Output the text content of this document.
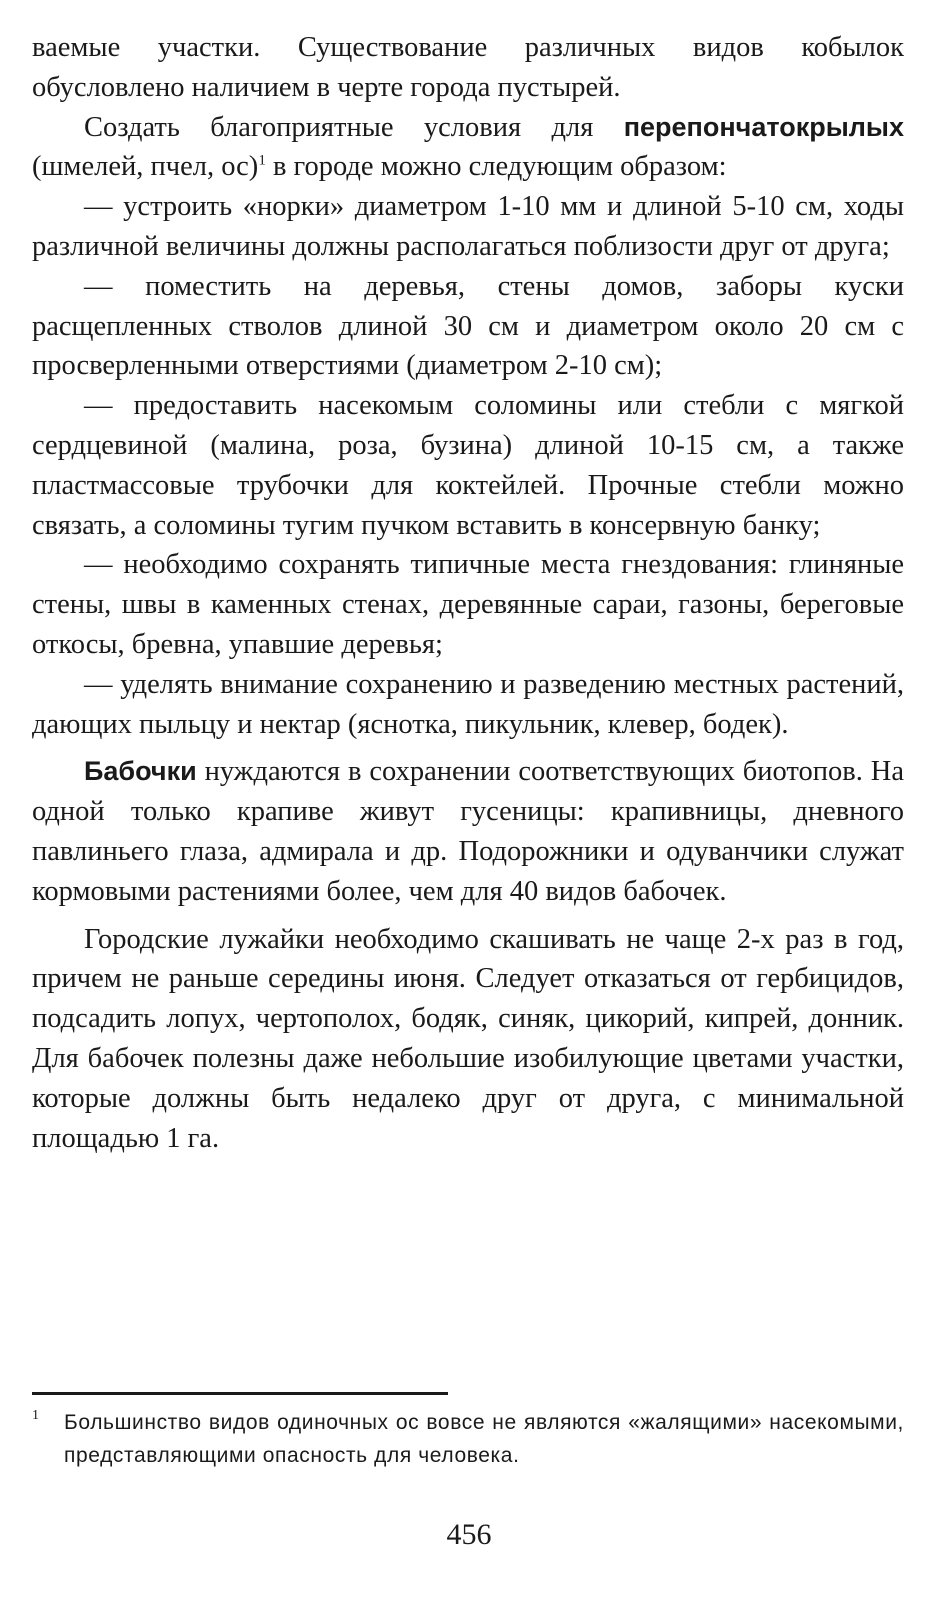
ваемые участки. Существование различных видов кобылок обусловлено наличием в черте города пустырей.

Создать благоприятные условия для перепончатокрылых (шмелей, пчел, ос)$^1$ в городе можно следующим образом:

— устроить «норки» диаметром 1-10 мм и длиной 5-10 см, ходы различной величины должны располагаться поблизости друг от друга;

— поместить на деревья, стены домов, заборы куски расщепленных стволов длиной 30 см и диаметром около 20 см с просверленными отверстиями (диаметром 2-10 см);

— предоставить насекомым соломины или стебли с мягкой сердцевиной (малина, роза, бузина) длиной 10-15 см, а также пластмассовые трубочки для коктейлей. Прочные стебли можно связать, а соломины тугим пучком вставить в консервную банку;

— необходимо сохранять типичные места гнездования: глиняные стены, швы в каменных стенах, деревянные сараи, газоны, береговые откосы, бревна, упавшие деревья;

— уделять внимание сохранению и разведению местных растений, дающих пыльцу и нектар (яснотка, пикульник, клевер, бодек).

Бабочки нуждаются в сохранении соответствующих биотопов. На одной только крапиве живут гусеницы: крапивницы, дневного павлиньего глаза, адмирала и др. Подорожники и одуванчики служат кормовыми растениями более, чем для 40 видов бабочек.

Городские лужайки необходимо скашивать не чаще 2-х раз в год, причем не раньше середины июня. Следует отказаться от гербицидов, подсадить лопух, чертополох, бодяк, синяк, цикорий, кипрей, донник. Для бабочек полезны даже небольшие изобилующие цветами участки, которые должны быть недалеко друг от друга, с минимальной площадью 1 га.

1 Большинство видов одиночных ос вовсе не являются «жалящими» насекомыми, представляющими опасность для человека.
456
